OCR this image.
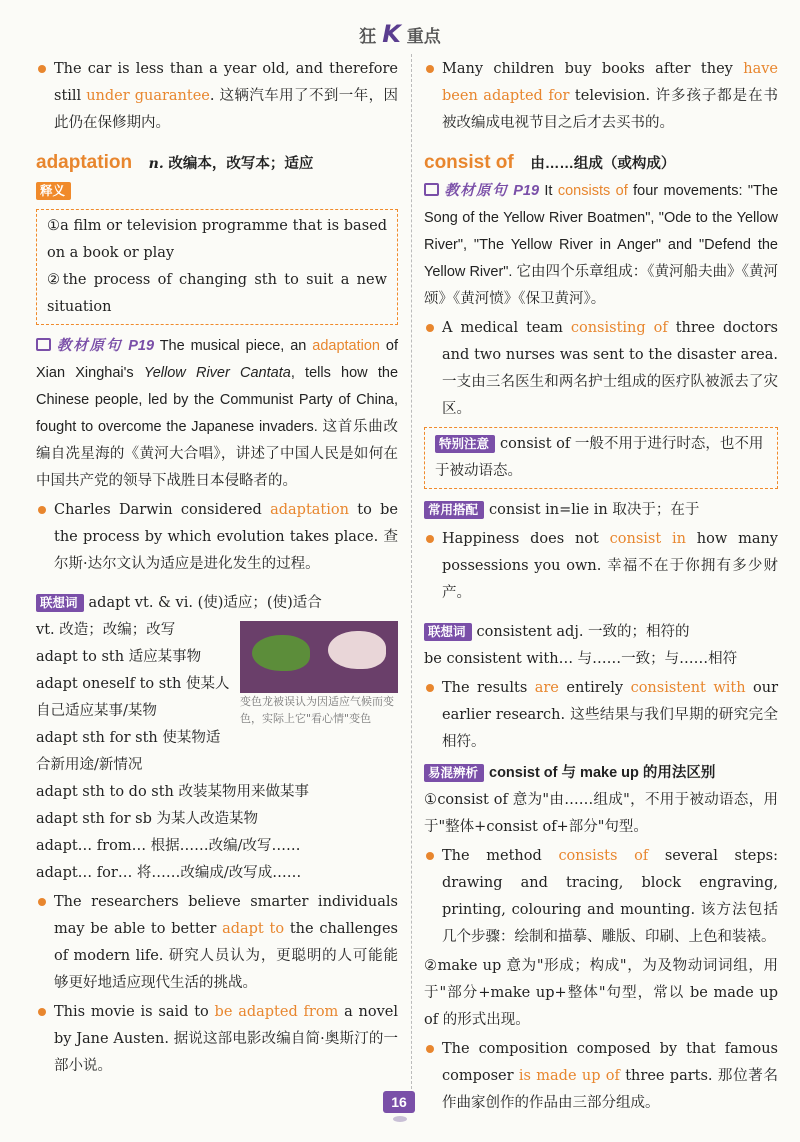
狂 K 重点
The car is less than a year old, and therefore still under guarantee. 这辆汽车用了不到一年，因此仍在保修期内。
adaptation n. 改编本，改写本；适应
释义

①a film or television programme that is based on a book or play

②the process of changing sth to suit a new situation

教材原句 P19 The musical piece, an adaptation of Xian Xinghai's Yellow River Cantata, tells how the Chinese people, led by the Communist Party of China, fought to overcome the Japanese invaders. 这首乐曲改编自冼星海的《黄河大合唱》，讲述了中国人民是如何在中国共产党的领导下战胜日本侵略者的。

Charles Darwin considered adaptation to be the process by which evolution takes place. 查尔斯·达尔文认为适应是进化发生的过程。
联想词 adapt vt. & vi. (使)适应；(使)适合
变色龙被误认为因适应气候而变色，实际上它"看心情"变色
vt. 改造；改编；改写
adapt to sth 适应某事物
adapt oneself to sth 使某人自己适应某事/某物
adapt sth for sth 使某物适合新用途/新情况
adapt sth to do sth 改装某物用来做某事
adapt sth for sb 为某人改造某物
adapt… from… 根据……改编/改写……
adapt… for… 将……改编成/改写成……
The researchers believe smarter individuals may be able to better adapt to the challenges of modern life. 研究人员认为，更聪明的人可能能够更好地适应现代生活的挑战。
This movie is said to be adapted from a novel by Jane Austen. 据说这部电影改编自简·奥斯汀的一部小说。
Many children buy books after they have been adapted for television. 许多孩子都是在书被改编成电视节目之后才去买书的。
consist of 由……组成（或构成）

教材原句 P19 It consists of four movements: "The Song of the Yellow River Boatmen", "Ode to the Yellow River", "The Yellow River in Anger" and "Defend the Yellow River". 它由四个乐章组成：《黄河船夫曲》《黄河颂》《黄河愤》《保卫黄河》。

A medical team consisting of three doctors and two nurses was sent to the disaster area. 一支由三名医生和两名护士组成的医疗队被派去了灾区。
特别注意 consist of 一般不用于进行时态，也不用于被动语态。
常用搭配 consist in=lie in 取决于；在于
Happiness does not consist in how many possessions you own. 幸福不在于你拥有多少财产。
联想词 consistent adj. 一致的；相符的
be consistent with… 与……一致；与……相符
The results are entirely consistent with our earlier research. 这些结果与我们早期的研究完全相符。
易混辨析 consist of 与 make up 的用法区别

①consist of 意为"由……组成"，不用于被动语态，用于"整体+consist of+部分"句型。

The method consists of several steps: drawing and tracing, block engraving, printing, colouring and mounting. 该方法包括几个步骤：绘制和描摹、雕版、印刷、上色和装裱。

②make up 意为"形成；构成"，为及物动词词组，用于"部分+make up+整体"句型，常以 be made up of 的形式出现。

The composition composed by that famous composer is made up of three parts. 那位著名作曲家创作的作品由三部分组成。
16
